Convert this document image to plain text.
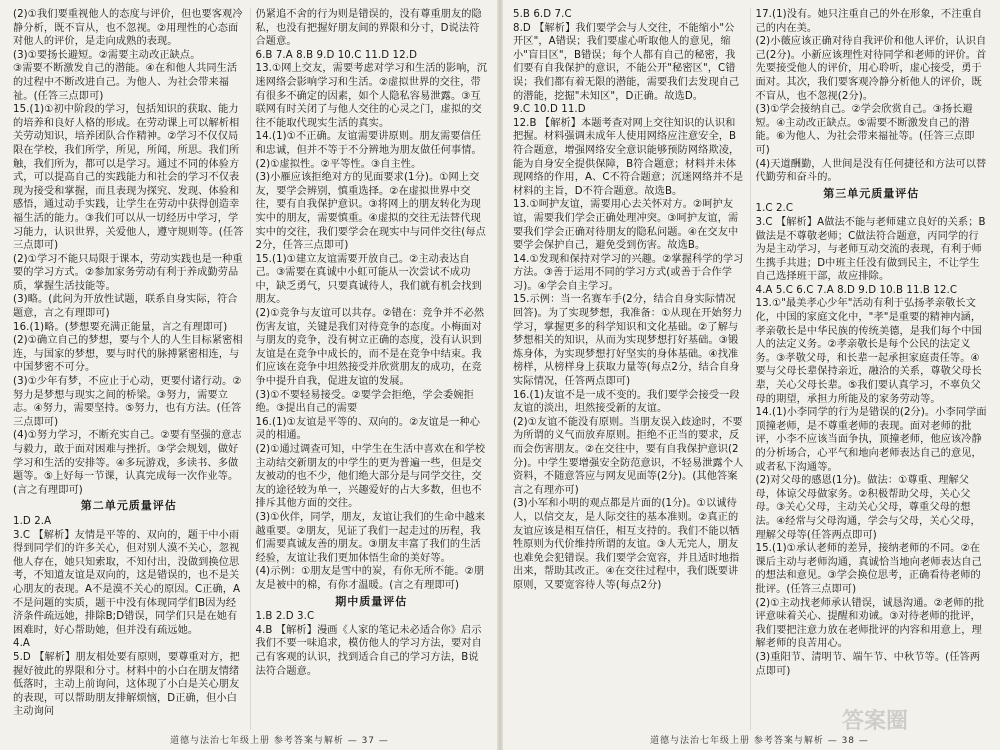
(2)①我们要重视他人的态度与评价，但也要客观冷静分析，既不盲从，也不忽视。②用理性的心态面对他人的评价，是走向成熟的表现。

(3)①要扬长避短。②需要主动改正缺点。

③需要不断激发自己的潜能。④在和他人共同生活的过程中不断改进自己。为他人、为社会带来福祉。(任答三点即可)

15.(1)①初中阶段的学习，包括知识的获取、能力的培养和良好人格的形成。在劳动课上可以解析相关劳动知识，培养团队合作精神。②学习不仅仅局限在学校，我们所学，所见，所闻，所思。我们所触，我们所为，都可以是学习。通过不同的体验方式，可以提高自己的实践能力和社会的学习不仅表现为接受和掌握，而且表现为探究、发现、体验和感悟，通过动手实践，让学生在劳动中获得创造幸福生活的能力。③我们可以从一切经历中学习，学习能力，认识世界，关爱他人，遵守规则等。(任答三点即可)

(2)①学习不能只局限于课本，劳动实践也是一种重要的学习方式。②参加家务劳动有利于养成勤劳品质，掌握生活技能等。

(3)略。(此问为开放性试题，联系自身实际，符合题意，言之有理即可)

16.(1)略。(梦想要充满正能量，言之有理即可)

(2)①确立自己的梦想，要与个人的人生目标紧密相连，与国家的梦想，要与时代的脉搏紧密相连，与中国梦密不可分。

(3)①少年有梦，不应止于心动，更要付诸行动。②努力是梦想与现实之间的桥梁。③努力，需要立志。④努力，需要坚持。⑤努力，也有方法。(任答三点即可)

(4)①努力学习，不断充实自己。②要有坚强的意志与毅力，敢于面对困难与挫折。③学会规划，做好学习和生活的安排等。④多玩游戏，多读书、多做题等。⑤上好每一节课，认真完成每一次作业等。(言之有理即可)

第二单元质量评估

1.D 2.A

3.C 【解析】友情是平等的、双向的，题干中小雨得到同学们的许多关心，但对别人漠不关心，忽视他人存在，她只知索取，不知付出，没做到换位思考，不知道友谊是双向的，这是错误的，也不是关心朋友的表现。A不是漠不关心的原因。C正确，A不是问题的实质，题干中没有体现同学们B因为经济条件疏远她，排除B;D错误，同学们只是在她有困难时，好心帮助她，但并没有疏远她。

4.A

5.D 【解析】朋友相处要有原则，要尊重对方，把握好彼此的界限和分寸。材料中的小白在朋友情绪低落时，主动上前询问，这体现了小白是关心朋友的表现，可以帮助朋友排解烦恼，D正确，但小白主动询问

仍紧追不舍的行为则是错误的，没有尊重朋友的隐私，也没有把握好朋友间的界限和分寸，D说法符合题意。

6.B 7.A 8.B 9.D 10.C 11.D 12.D

13.①网上交友，需要考虑对学习和生活的影响，沉迷网络会影响学习和生活。②虚拟世界的交往，带有很多不确定的因素，如个人隐私容易泄露。③互联网有时关闭了与他人交往的心灵之门，虚拟的交往不能取代现实生活的真实。

14.(1)①不正确。友谊需要讲原则。朋友需要信任和忠诚，但并不等于不分辨地为朋友做任何事情。

(2)①虚拟性。②平等性。③自主性。

(3)小雁应该拒绝对方的见面要求(1分)。①网上交友，要学会辨别，慎重选择。②在虚拟世界中交往，要有自我保护意识。③将网上的朋友转化为现实中的朋友，需要慎重。④虚拟的交往无法替代现实中的交往，我们要学会在现实中与同伴交往(每点2分，任答三点即可)

15.(1)①建立友谊需要开放自己。②主动表达自己。③需要在真诚中小虹可能从一次尝试不成功中，缺乏勇气，只要真诚待人，我们就有机会找到朋友。

(2)①竞争与友谊可以共存。②错在：竞争并不必然伤害友谊，关键是我们对待竞争的态度。小梅面对与朋友的竞争，没有树立正确的态度，没有认识到友谊是在竞争中成长的，而不是在竞争中结束。我们应该在竞争中坦然接受并欣赏朋友的成功，在竞争中提升自我，促进友谊的发展。

(3)①不要轻易接受。②要学会拒绝，学会委婉拒绝。③提出自己的需要

16.(1)①友谊是平等的、双向的。②友谊是一种心灵的相通。

(2)①通过调查可知，中学生在生活中喜欢在和学校主动结交新朋友的中学生的更为普遍一些，但是交友被动的也不少，他们绝大部分是与同学交往，交友的途径较为单一，兴趣爱好的占大多数，但也不排斥其他方面的交往。

(3)①伙伴，同学，朋友，友谊让我们的生命中越来越重要。②朋友，见证了我们一起走过的历程，我们需要真诚友善的朋友。③朋友丰富了我们的生活经验，友谊让我们更加体悟生命的美好等。

(4)示例：①朋友是雪中的炭，有你无所不能。②朋友是被中的棉，有你才温暖。(言之有理即可)

期中质量评估

1.B 2.D 3.C

4.B 【解析】漫画《人家的笔记未必适合你》启示我们不要一味追求，模仿他人的学习方法，要对自己有客观的认识，找到适合自己的学习方法，B说法符合题意。

道德与法治七年级上册 参考答案与解析 — 37 —

5.B 6.D 7.C

8.D 【解析】我们要学会与人交往，不能缩小"公开区"，A错误；我们要虚心听取他人的意见，缩小"盲目区"，B错误；每个人都有自己的秘密，我们要有自我保护的意识，不能公开"秘密区"，C错误；我们都有着无限的潜能，需要我们去发现自己的潜能，挖掘"未知区"，D正确。故选D。

9.C 10.D 11.D

12.B 【解析】本题考查对网上交往知识的认识和把握。材料强调未成年人使用网络应注意安全，B符合题意，增强网络安全意识能够预防网络欺凌，能为自身安全提供保障，B符合题意；材料并未体现网络的作用，A、C不符合题意；沉迷网络并不是材料的主旨，D不符合题意。故选B。

13.①呵护友谊，需要用心去关怀对方。②呵护友谊，需要我们学会正确处理冲突。③呵护友谊，需要我们学会正确对待朋友的隐私问题。④在交友中要学会保护自己，避免受到伤害。故选B。

14.①发现和保持对学习的兴趣。②掌握科学的学习方法。③善于运用不同的学习方式(或善于合作学习)。④学会自主学习。

15.示例：当一名赛车手(2分，结合自身实际情况回答)。为了实现梦想，我准备：①从现在开始努力学习，掌握更多的科学知识和文化基础。②了解与梦想相关的知识，从而为实现梦想打好基础。③锻炼身体，为实现梦想打好坚实的身体基础。④找准榜样，从榜样身上获取力量等(每点2分，结合自身实际情况，任答两点即可)

16.(1)友谊不是一成不变的。我们要学会接受一段友谊的淡出，坦然接受新的友谊。

(2)①友谊不能没有原则。当朋友误入歧途时，不要为所谓的义气而放弃原则。拒绝不正当的要求，反而会伤害朋友。②在交往中，要有自我保护意识(2分)。中学生要增强安全防范意识，不轻易泄露个人资料，不随意答应与网友见面等(2分)。(其他答案言之有理亦可)

(3)小军和小明的观点都是片面的(1分)。①以诚待人，以信交友，是人际交往的基本准则。②真正的友谊应该是相互信任，相互支持的。我们不能以牺牲原则为代价维持所谓的友谊。③人无完人，朋友也难免会犯错误。我们要学会宽容，并且适时地指出来，帮助其改正。④在交往过程中，我们既要讲原则，又要宽容待人等(每点2分)

17.(1)没有。她只注重自己的外在形象，不注重自己的内在美。

(2)小薇应该正确对待自我评价和他人评价，认识自己(2分)。小新应该理性对待同学和老师的评价。首先要接受他人的评价，用心聆听，虚心接受，勇于面对。其次，我们要客观冷静分析他人的评价，既不盲从，也不忽视(2分)。

(3)①学会接纳自己。②学会欣赏自己。③扬长避短。④主动改正缺点。⑤需要不断激发自己的潜能。⑥为他人、为社会带来福祉等。(任答三点即可)

(4)天道酬勤，人世间是没有任何捷径和方法可以替代勤劳和奋斗的。

第三单元质量评估

1.C 2.C

3.C 【解析】A做法不能与老师建立良好的关系；B做法是不尊敬老师；C做法符合题意，丙同学的行为是主动学习，与老师互动交流的表现，有利于师生携手共进；D中班主任没有做到民主，不让学生自己选择班干部，故应排除。

4.A 5.C 6.C 7.A 8.D 9.D 10.B 11.B 12.C

13.①"最美孝心少年"活动有利于弘扬孝亲敬长文化，中国的家庭文化中，"孝"是重要的精神内涵，孝亲敬长是中华民族的传统美德，是我们每个中国人的法定义务。②孝亲敬长是每个公民的法定义务。③孝敬父母，和长辈一起承担家庭责任等。④要与父母长辈保持亲近，融洽的关系，尊敬父母长辈，关心父母长辈。⑤我们要认真学习，不辜负父母的期望，承担力所能及的家务劳动等。

14.(1)小李同学的行为是错误的(2分)。小李同学面顶撞老师，是不尊重老师的表现。面对老师的批评，小李不应该当面争执，顶撞老师，他应该冷静的分析场合，心平气和地向老师表达自己的意见，或者私下沟通等。

(2)对父母的感恩(1分)。做法：①尊重、理解父母，体谅父母做家务。②积极帮助父母，关心父母。③关心父母，主动关心父母，尊重父母的想法。④经常与父母沟通，学会与父母，关心父母，理解父母等(任答两点即可)

15.(1)①承认老师的差异，接纳老师的不同。②在课后主动与老师沟通，真诚恰当地向老师表达自己的想法和意见。③学会换位思考，正确看待老师的批评。(任答三点即可)

(2)①主动找老师承认错误，诚恳沟通。②老师的批评意味着关心、提醒和劝诫。③对待老师的批评，我们要把注意力放在老师批评的内容和用意上，理解老师的良苦用心。

(3)重阳节、清明节、端午节、中秋节等。(任答两点即可)

道德与法治七年级上册 参考答案与解析 — 38 —
答案圈
